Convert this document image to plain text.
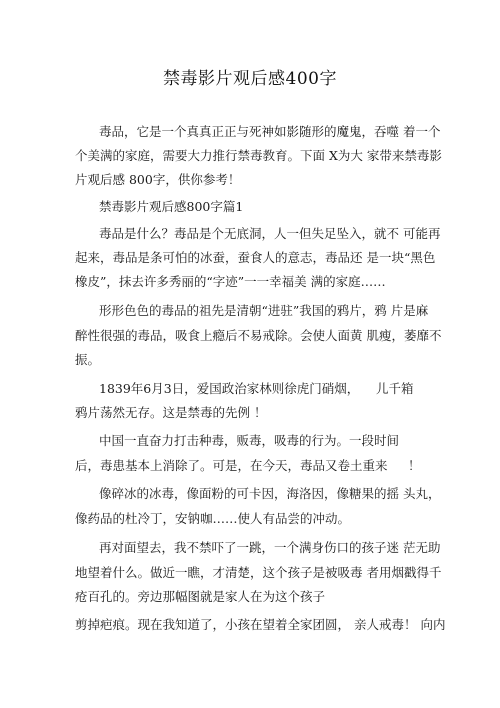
禁毒影片观后感400字
毒品，它是一个真真正正与死神如影随形的魔鬼，吞噬 着一个
个美满的家庭，需要大力推行禁毒教育。下面 X为大 家带来禁毒影
片观后感 800字，供你参考！
禁毒影片观后感800字篇1
毒品是什么？毒品是个无底洞，人一但失足坠入，就不 可能再
起来，毒品是条可怕的冰蚕，蚕食人的意志，毒品还 是一块“黑色
橡皮”，抹去许多秀丽的“字迹”一一幸福美 满的家庭……
形形色色的毒品的祖先是清朝“进驻”我国的鸦片，鸦 片是麻
醉性很强的毒品，吸食上瘾后不易戒除。会使人面黄 肌瘦，萎靡不
振。
1839年6月3日，爱国政治家林则徐虎门硝烟， 儿千箱
鸦片荡然无存。这是禁毒的先例 ！
中国一直奋力打击种毒，贩毒，吸毒的行为。一段时间
后，毒患基本上消除了。可是，在今天，毒品又卷土重来 ！
像碎冰的冰毒，像面粉的可卡因，海洛因，像糖果的摇 头丸，
像药品的杜冷丁，安钠咖……使人有品尝的冲动。
再对面望去，我不禁吓了一跳，一个满身伤口的孩子迷 茫无助
地望着什么。做近一瞧，才清楚，这个孩子是被吸毒 者用烟戳得千
疮百孔的。旁边那幅图就是家人在为这个孩子
剪掉疤痕。现在我知道了，小孩在望着全家团圆， 亲人戒毒！ 向内
